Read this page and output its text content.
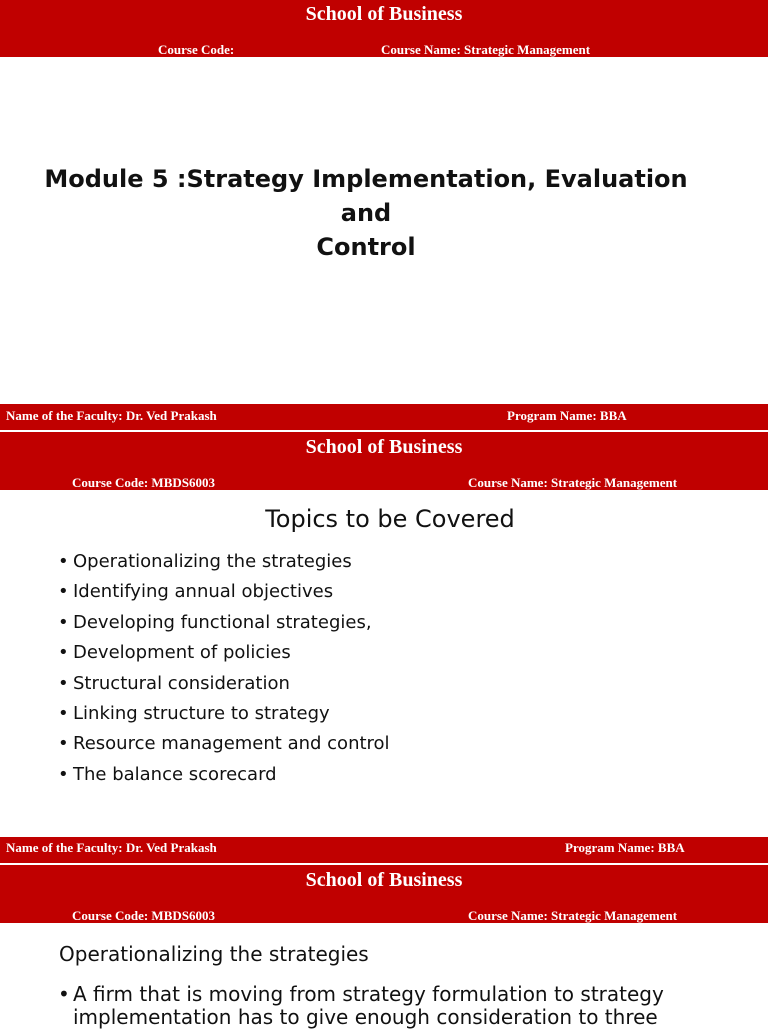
School of Business
Course Code:	Course Name: Strategic Management
Module 5 :Strategy Implementation, Evaluation and
Control
Name of the Faculty: Dr. Ved Prakash	Program Name: BBA
School of Business
Course Code: MBDS6003	Course Name: Strategic Management
Topics to be Covered
• Operationalizing the strategies
• Identifying annual objectives
• Developing functional strategies,
• Development of policies
• Structural consideration
• Linking structure to strategy
• Resource management and control
• The balance scorecard
Name of the Faculty: Dr. Ved Prakash	Program Name: BBA
School of Business
Course Code: MBDS6003	Course Name: Strategic Management
Operationalizing the strategies
• A firm that is moving from strategy formulation to strategy
implementation has to give enough consideration to three
